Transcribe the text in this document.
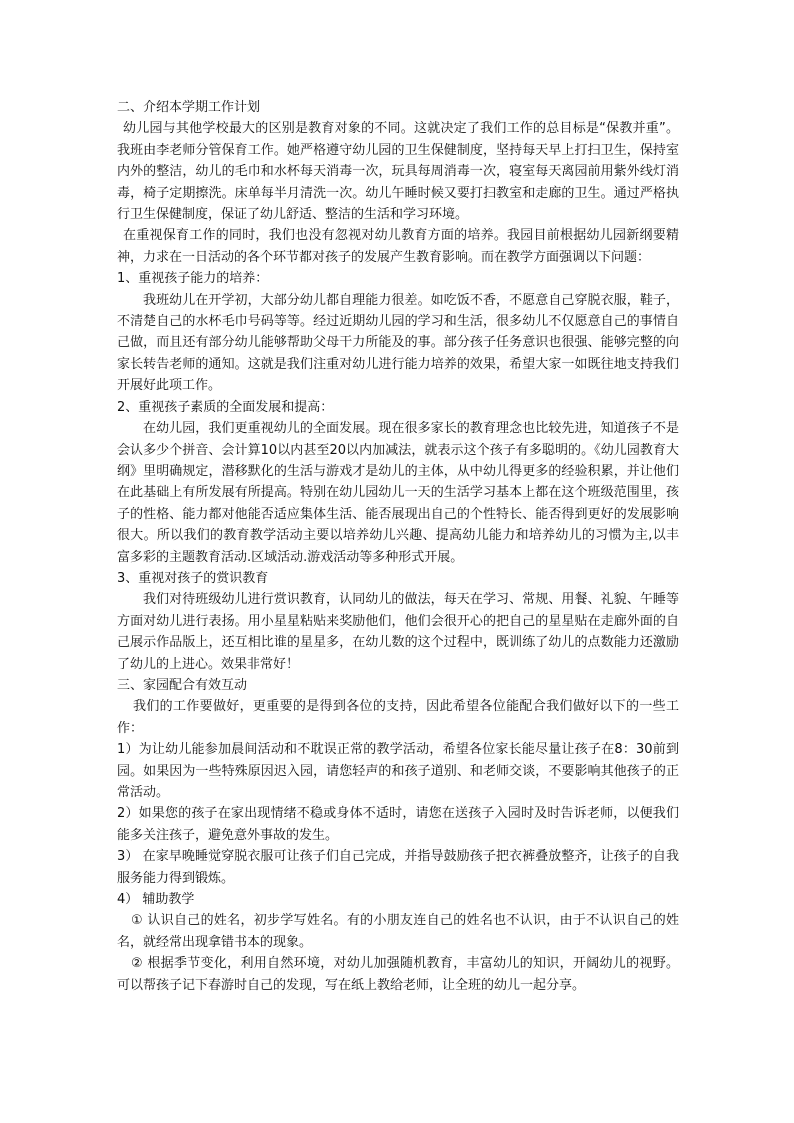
二、介绍本学期工作计划

幼儿园与其他学校最大的区别是教育对象的不同。这就决定了我们工作的总目标是“保教并重”。我班由李老师分管保育工作。她严格遵守幼儿园的卫生保健制度，坚持每天早上打扫卫生，保持室内外的整洁，幼儿的毛巾和水杯每天消毒一次，玩具每周消毒一次，寝室每天离园前用紫外线灯消毒，椅子定期擦洗。床单每半月清洗一次。幼儿午睡时候又要打扫教室和走廊的卫生。通过严格执行卫生保健制度，保证了幼儿舒适、整洁的生活和学习环境。

在重视保育工作的同时，我们也没有忽视对幼儿教育方面的培养。我园目前根据幼儿园新纲要精神，力求在一日活动的各个环节都对孩子的发展产生教育影响。而在教学方面强调以下问题：

1、重视孩子能力的培养：

我班幼儿在开学初，大部分幼儿都自理能力很差。如吃饭不香，不愿意自己穿脱衣服，鞋子，不清楚自己的水杯毛巾号码等等。经过近期幼儿园的学习和生活，很多幼儿不仅愿意自己的事情自己做，而且还有部分幼儿能够帮助父母干力所能及的事。部分孩子任务意识也很强、能够完整的向家长转告老师的通知。这就是我们注重对幼儿进行能力培养的效果，希望大家一如既往地支持我们开展好此项工作。

2、重视孩子素质的全面发展和提高：

在幼儿园，我们更重视幼儿的全面发展。现在很多家长的教育理念也比较先进，知道孩子不是会认多少个拼音、会计算10以内甚至20以内加减法，就表示这个孩子有多聪明的。《幼儿园教育大纲》里明确规定，潜移默化的生活与游戏才是幼儿的主体，从中幼儿得更多的经验积累，并让他们在此基础上有所发展有所提高。特别在幼儿园幼儿一天的生活学习基本上都在这个班级范围里，孩子的性格、能力都对他能否适应集体生活、能否展现出自己的个性特长、能否得到更好的发展影响很大。所以我们的教育教学活动主要以培养幼儿兴趣、提高幼儿能力和培养幼儿的习惯为主,以丰富多彩的主题教育活动.区域活动.游戏活动等多种形式开展。

3、重视对孩子的赏识教育

我们对待班级幼儿进行赏识教育，认同幼儿的做法，每天在学习、常规、用餐、礼貌、午睡等方面对幼儿进行表扬。用小星星粘贴来奖励他们，他们会很开心的把自己的星星贴在走廊外面的自己展示作品版上，还互相比谁的星星多，在幼儿数的这个过程中，既训练了幼儿的点数能力还激励了幼儿的上进心。效果非常好！

三、家园配合有效互动

我们的工作要做好，更重要的是得到各位的支持，因此希望各位能配合我们做好以下的一些工作：

1）为让幼儿能参加晨间活动和不耽误正常的教学活动，希望各位家长能尽量让孩子在8：30前到园。如果因为一些特殊原因迟入园，请您轻声的和孩子道别、和老师交谈，不要影响其他孩子的正常活动。

2）如果您的孩子在家出现情绪不稳或身体不适时，请您在送孩子入园时及时告诉老师，以便我们能多关注孩子，避免意外事故的发生。

3） 在家早晚睡觉穿脱衣服可让孩子们自己完成，并指导鼓励孩子把衣裤叠放整齐，让孩子的自我服务能力得到锻炼。

4） 辅助教学

① 认识自己的姓名，初步学写姓名。有的小朋友连自己的姓名也不认识，由于不认识自己的姓名，就经常出现拿错书本的现象。

② 根据季节变化，利用自然环境，对幼儿加强随机教育，丰富幼儿的知识，开阔幼儿的视野。可以帮孩子记下春游时自己的发现，写在纸上教给老师，让全班的幼儿一起分享。
